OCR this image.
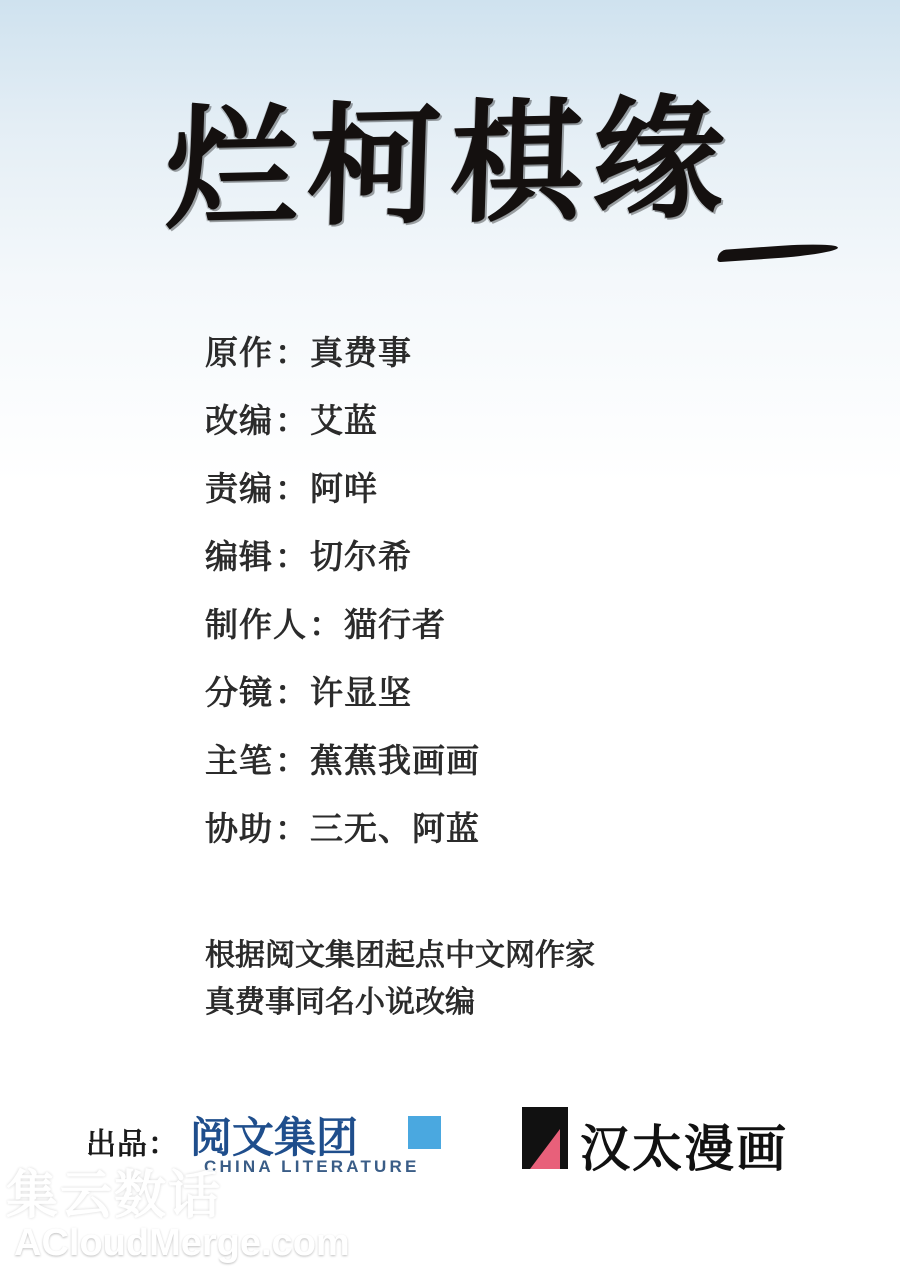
烂柯棋缘
原作：真费事
改编：艾蓝
责编：阿咩
编辑：切尔希
制作人：猫行者
分镜：许显坚
主笔：蕉蕉我画画
协助：三无、阿蓝
根据阅文集团起点中文网作家
真费事同名小说改编
出品： 阅文集团
CHINA LITERATURE	汉太漫画
集云数话
ACloudMerge.com	腾讯动漫
